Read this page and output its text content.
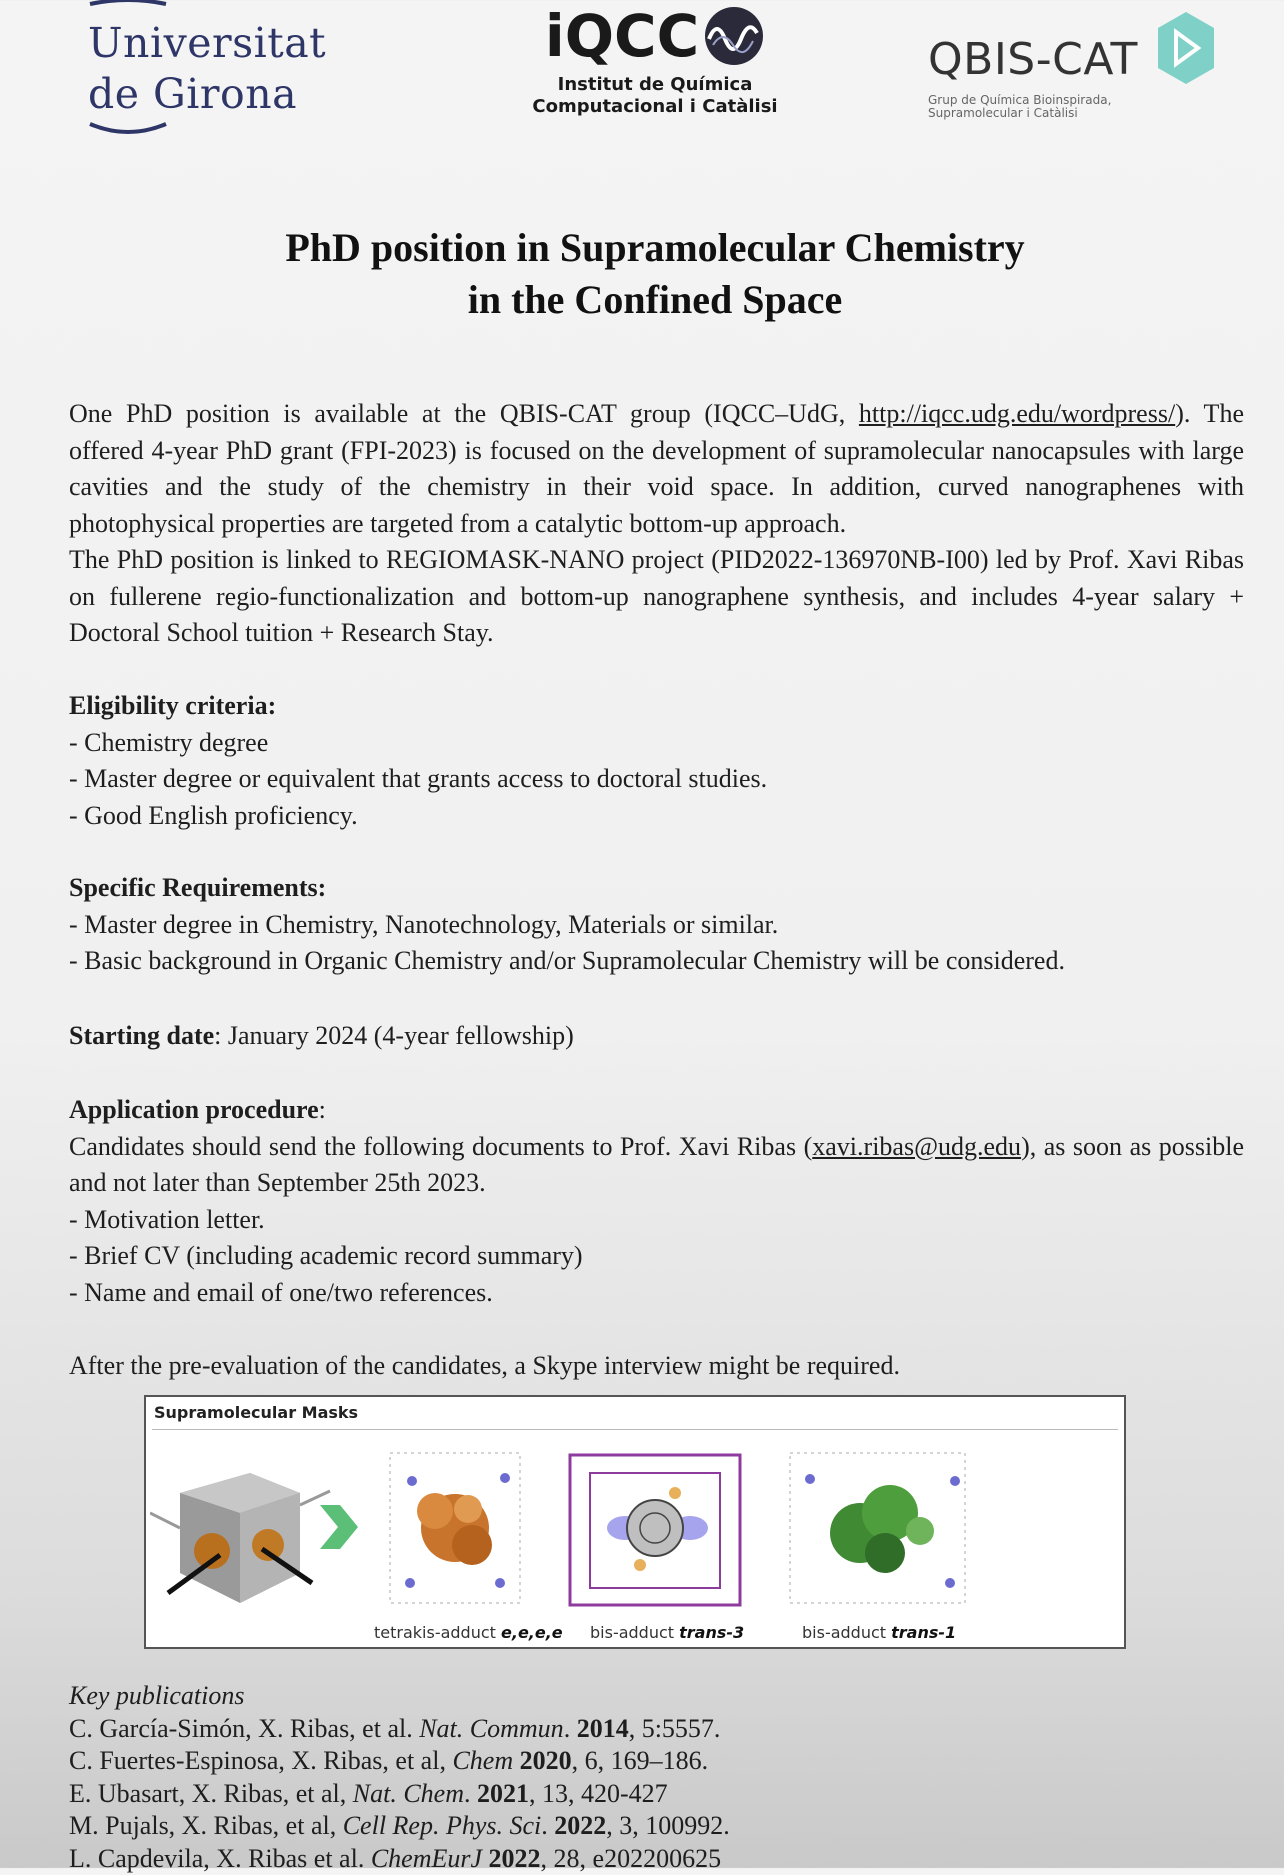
Universitat
de Girona
iQCC
Institut de Química
Computacional i Catàlisi
QBIS-CAT
Grup de Química Bioinspirada,
Supramolecular i Catàlisi
PhD position in Supramolecular Chemistry
in the Confined Space
One PhD position is available at the QBIS-CAT group (IQCC–UdG, http://iqcc.udg.edu/wordpress/). The offered 4-year PhD grant (FPI-2023) is focused on the development of supramolecular nanocapsules with large cavities and the study of the chemistry in their void space. In addition, curved nanographenes with photophysical properties are targeted from a catalytic bottom-up approach.
The PhD position is linked to REGIOMASK-NANO project (PID2022-136970NB-I00) led by Prof. Xavi Ribas on fullerene regio-functionalization and bottom-up nanographene synthesis, and includes 4-year salary + Doctoral School tuition + Research Stay.
Eligibility criteria:
- Chemistry degree
- Master degree or equivalent that grants access to doctoral studies.
- Good English proficiency.
Specific Requirements:
- Master degree in Chemistry, Nanotechnology, Materials or similar.
- Basic background in Organic Chemistry and/or Supramolecular Chemistry will be considered.
Starting date: January 2024 (4-year fellowship)
Application procedure:
Candidates should send the following documents to Prof. Xavi Ribas (xavi.ribas@udg.edu), as soon as possible and not later than September 25th 2023.
- Motivation letter.
- Brief CV (including academic record summary)
- Name and email of one/two references.
After the pre-evaluation of the candidates, a Skype interview might be required.
Supramolecular Masks
tetrakis-adduct e,e,e,e bis-adduct trans-3	bis-adduct trans-1
Key publications
C. García-Simón, X. Ribas, et al. Nat. Commun. 2014, 5:5557.
C. Fuertes-Espinosa, X. Ribas, et al, Chem 2020, 6, 169–186.
E. Ubasart, X. Ribas, et al, Nat. Chem. 2021, 13, 420-427
M. Pujals, X. Ribas, et al, Cell Rep. Phys. Sci. 2022, 3, 100992.
L. Capdevila, X. Ribas et al. ChemEurJ 2022, 28, e202200625
